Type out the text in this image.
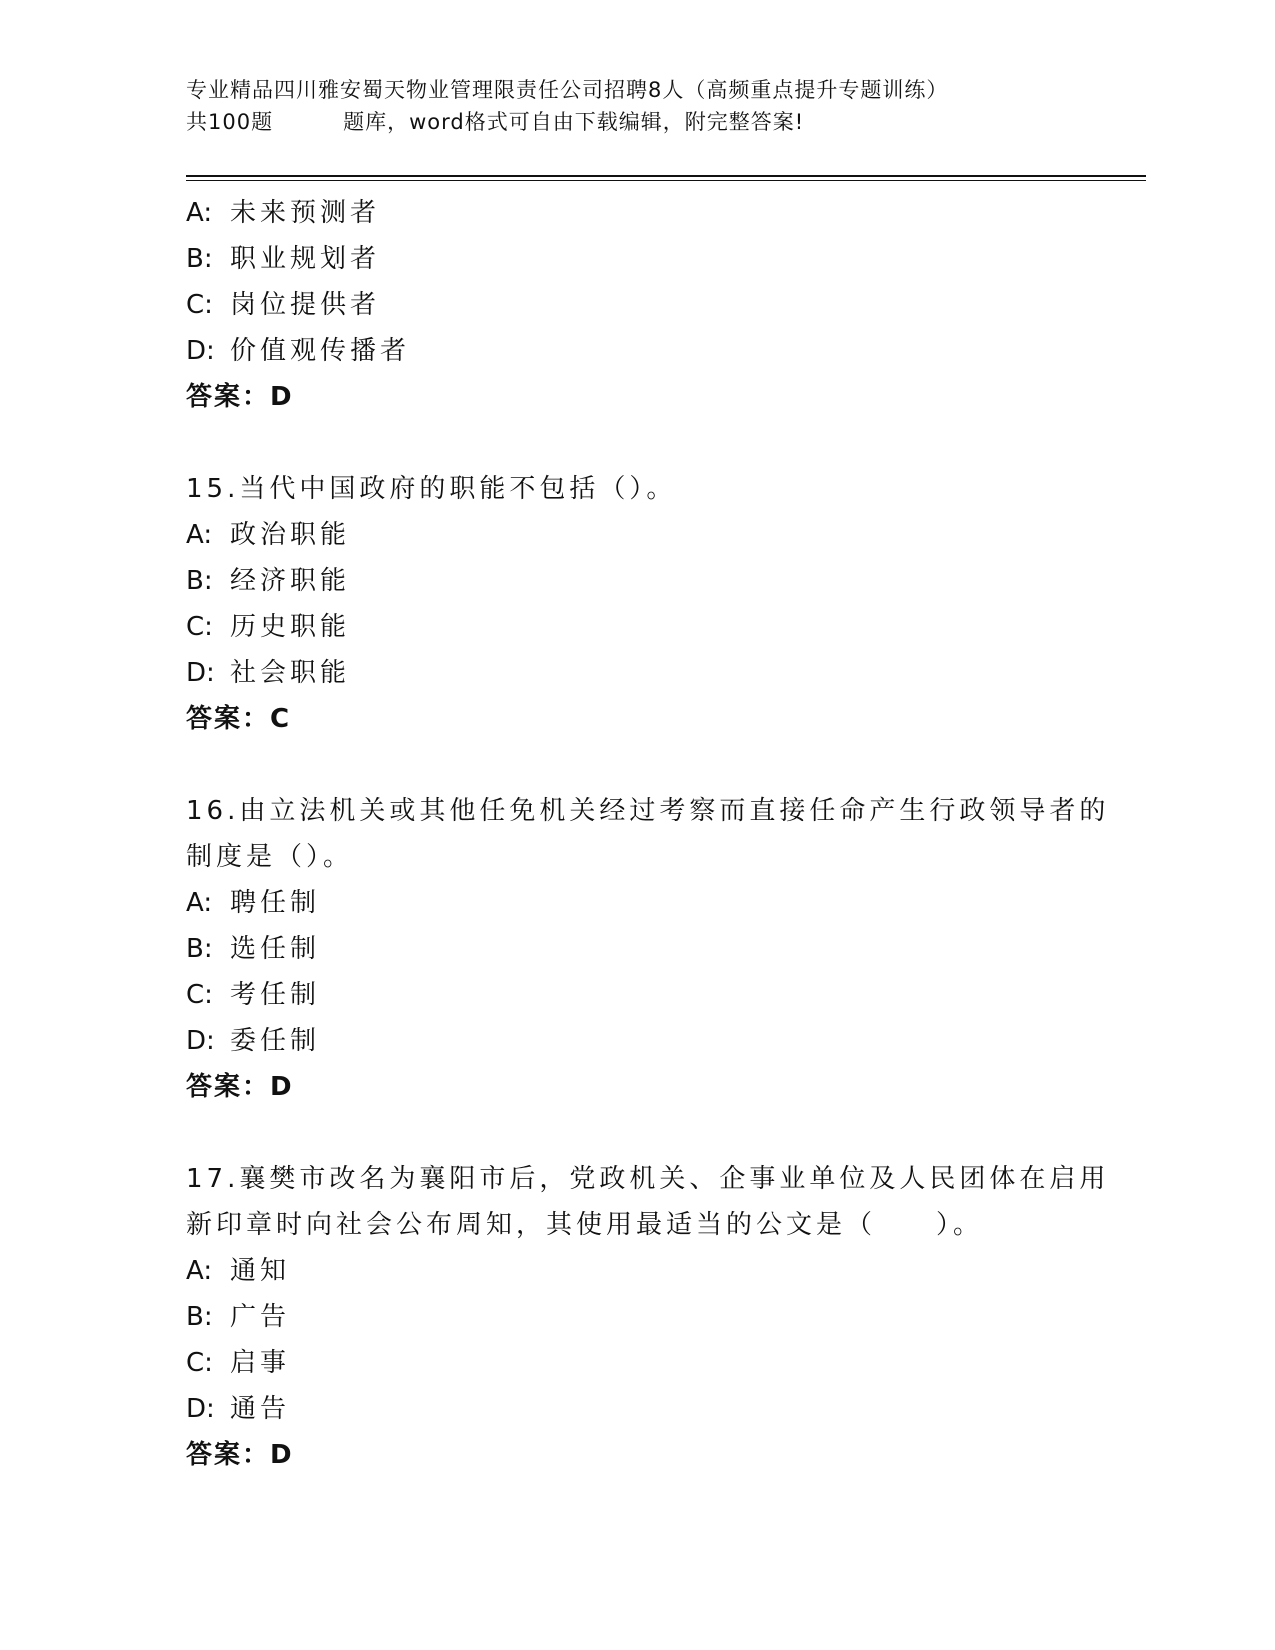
专业精品四川雅安蜀天物业管理限责任公司招聘8人（高频重点提升专题训练）
共100题	题库，word格式可自由下载编辑，附完整答案!
A: 未来预测者
B: 职业规划者
C: 岗位提供者
D: 价值观传播者
答案：D
15.当代中国政府的职能不包括（）。
A: 政治职能
B: 经济职能
C: 历史职能
D: 社会职能
答案：C
16.由立法机关或其他任免机关经过考察而直接任命产生行政领导者的
制度是（）。
A: 聘任制
B: 选任制
C: 考任制
D: 委任制
答案：D
17.襄樊市改名为襄阳市后，党政机关、企事业单位及人民团体在启用
新印章时向社会公布周知，其使用最适当的公文是（ ）。
A: 通知
B: 广告
C: 启事
D: 通告
答案：D
